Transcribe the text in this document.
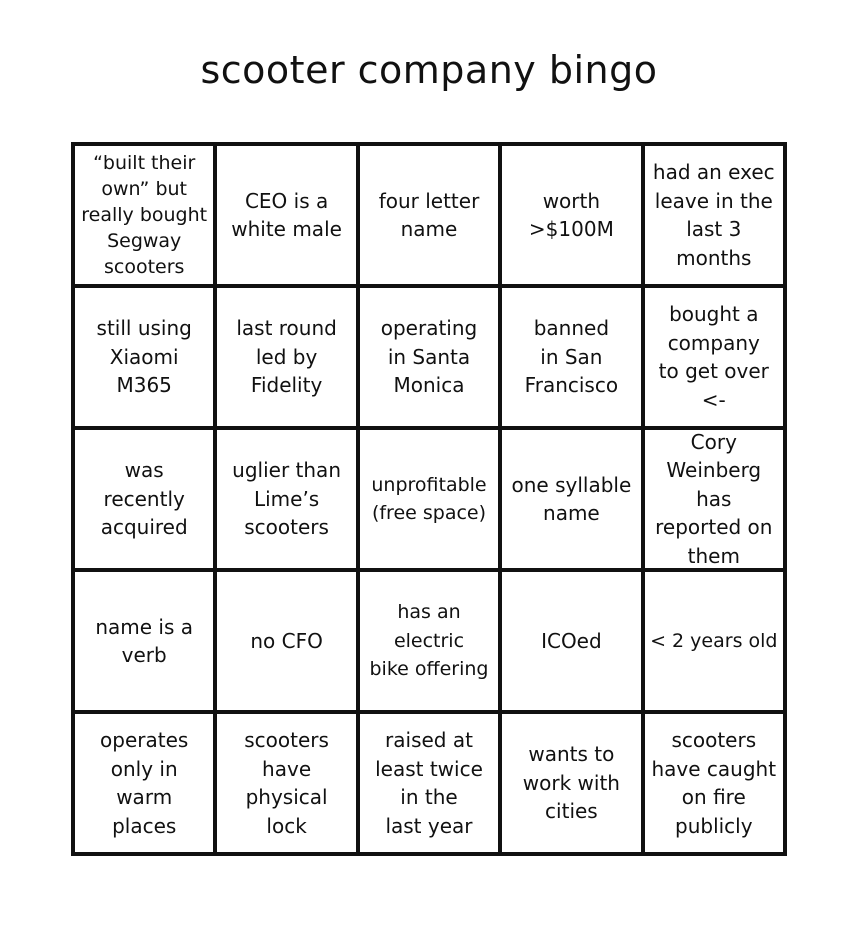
scooter company bingo
“built their
own” but
really bought
Segway
scooters
CEO is a
white male
four letter
name
worth
>$100M
had an exec
leave in the
last 3
months
still using
Xiaomi
M365
last round
led by
Fidelity
operating
in Santa
Monica
banned
in San
Francisco
bought a
company
to get over
<-
was
recently
acquired
uglier than
Lime’s
scooters
unprofitable
(free space)
one syllable
name
Cory
Weinberg
has
reported on
them
name is a
verb
no CFO
has an
electric
bike offering
ICOed	< 2 years old
operates
only in
warm
places
scooters
have
physical
lock
raised at
least twice
in the
last year
wants to
work with
cities
scooters
have caught
on fire
publicly
